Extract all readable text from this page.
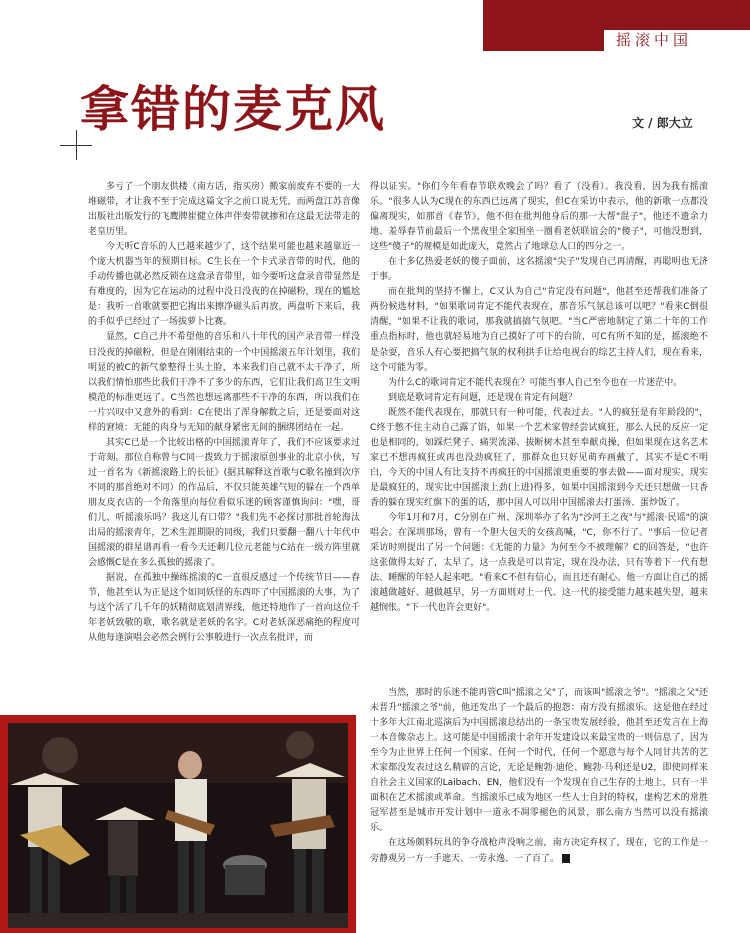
摇滚中国
拿错的麦克风	文 / 郎大立

多亏了一个朋友供楼（南方话，指买房）搬家前废弃不要的一大堆磁带，才让我不至于完成这篇文字之前口说无凭，而两盘江苏音像出版社出版发行的飞鹰牌崔健立体声伴奏带就掺和在这最无法带走的老皇历里。

今天听C音乐的人已越来越少了，这个结果可能也越来越靠近一个庞大机器当年的预期目标。C生长在一个卡式录音带的时代，他的手动传播也就必然反锁在这盒录音带里，如今要听这盒录音带显然是有难度的，因为它在运动的过程中没日没夜的在掉磁粉，现在的尴尬是：我听一首歌就要把它掏出来擦净磁头后再放，两盘听下来后，我的手似乎已经过了一场拔萝卜比赛。

显然，C自己并不希望他的音乐和八十年代的国产录音带一样没日没夜的掉磁粉，但是在刚刚结束的一个中国摇滚五年计划里，我们明显的被C的新气象整得土头土脸，本来我们自己就不太干净了，所以我们情怕那些比我们干净不了多少的东西，它们让我们高卫生文明模范的标准更远了。C当然也想远离那些不干净的东西，所以我们在一片兴叹中又意外的看到：C在使出了浑身解数之后，还是要面对这样的窘境：无能的肉身与无知的献身紧密无间的捆绑团结在一起。

其实C已是一个比较出格的中国摇滚青年了，我们不应该要求过于苛刻。那位自称曾与C同一拨致力于摇滚原创事业的北京小伙，写过一首名为《新摇滚路上的长征》(据其解释这首歌与C歌名撞到次序不同的那首绝对不同）的作品后，不仅只能英雄气短的躲在一个西单朋友皮衣店的一个角落里向每位看似乐迷的顾客谨慎询问："嘿，哥们儿，听摇滚乐吗？我这儿有口带？"我们先不必探讨那批首轮海汰出局的摇滚青年，艺术生涯期限的同级，我们只要翻一翻八十年代中国摇滚的群星谱再看一看今天还剩几位元老能与C站在一级方阵里就会感慨C是在多么孤独的摇滚了。

据说，在孤独中操练摇滚的C一直很反感过一个传统节日——春节，他甚至认为正是这个如同妖怪的东西吓了中国摇滚的大事，为了与这个活了几千年的妖精彻底划清界线，他还特地作了一首向这位千年老妖致敬的歌，歌名就是老妖的名字。C对老妖深恶痛绝的程度可从他每逢演唱会必然会例行公事般进行一次点名批评，而

得以证实。"你们今年看春节联欢晚会了吗？看了（没看）。我没看，因为我有摇滚乐。"很多人认为C现在的东西已远离了现实，但C在采访中表示，他的新歌一点都没偏离现实，如那首《春节》，他不但在批判他身后的那一大帮"混子"，他还不遗余力地、羞辱春节前最后一个黑夜里全家围坐一圈看老妖联谊会的"傻子"，可他没想到，这些"傻子"的规模是如此庞大，竟然占了地球总人口的四分之一。

在十多亿热爱老妖的傻子面前，这名摇滚"尖子"发现自己再清醒，再聪明也无济于事。

而在批判的坚持不懈上，C又认为自己"肯定没有问题"，他甚至还帮我们准备了两份候选材料，"如果歌词肯定不能代表现在，那音乐气氛总该可以吧？"看来C倒很清醒，"如果不让我的歌词，那我就搞搞气氛吧。"当C严密地制定了第二十年的工作重点指标时，他也就轻易地为自己摸好了可下的台阶，可C有所不知的是，摇滚绝不是杂耍，音乐人有心要把搞气氛的权利拱手让给电视台的综艺主持人们，现在看来，这个可能为零。

为什么C的歌词肯定不能代表现在？可能当事人自己至今也在一片迷茫中。

到底是歌词肯定有问题，还是现在肯定有问题？

既然不能代表现在，那就只有一种可能，代表过去。"人的疯狂是有年龄段的"，C终于憋不住主动自己露了馅，如果一个艺术家曾经尝试疯狂，那么人民的反应一定也是相同的，如踩烂凳子、痛哭流涕、拔断树木甚至奉献贞操，但如果现在这名艺术家已不想再疯狂或再也没劲疯狂了，那群众也只好见萌弃画戴了，其实不是C不明白，今天的中国人有比支持不再疯狂的中国摇滚更重要的事去做——面对现实，现实是最疯狂的，现实比中国摇滚上劲(上进)得多，如果中国摇滚到今天还只想做一只香香的躲在现实红旗下的蛋的话，那中国人可以用中国摇滚去打蛋汤、蛋炒饭了。

今年1月和7月，C分别在广州、深圳举办了名为"沙河王之夜"与"摇滚·民谣"的演唱会。在深圳那场，曾有一个胆大包天的女孩高喊，"C，你不行了。"事后一位记者采访时则提出了另一个问题：《无能的力量》为何至今不被理解？C的回答是，"也许这张做得太好了，太早了，这一点我是可以肯定，现在没办法，只有等着下一代有想法、睡醒的年轻人起来吧。"看来C不但有信心，而且还有耐心。他一方面让自己的摇滚越做越好、越做越早，另一方面则对上一代、这一代的接受能力越来越失望，越来越悯怅。"下一代也许会更好"。

当然，那时的乐迷不能再管C叫"摇滚之父"了，而该叫"摇滚之爷"。"摇滚之父"还未晋升"摇滚之爷"前，他还发出了一个最后的抱怨：南方没有摇滚乐。这是他在经过十多年大江南北巡演后为中国摇滚总结出的一条宝贵发展经验，他甚至还发言在上海一本音像杂志上。这可能是中国摇滚十余年开发建设以来最宝贵的一则信息了，因为至今为止世界上任何一个国家、任何一个时代，任何一个愿意与每个人同甘共苦的艺术家都没发表过这么精辟的言论，无论是鲍勃·迪伦、鲍勃·马利还是U2，即使同样来自社会主义国家的Laibach、EN，他们没有一个发现在自己生存的土地上，只有一半面积在艺术摇滚或革命。当摇滚乐已成为地区一些人士自封的特权，虚构艺术的常胜冠军甚至是城市开发计划中一道永不凋零褪色的风景，那么南方当然可以没有摇滚乐。

在这场颇料玩具的争夺战枪声没响之前，南方决定弃权了，现在，它的工作是一旁静观另一方一手遮天、一劳永逸、一了百了。
